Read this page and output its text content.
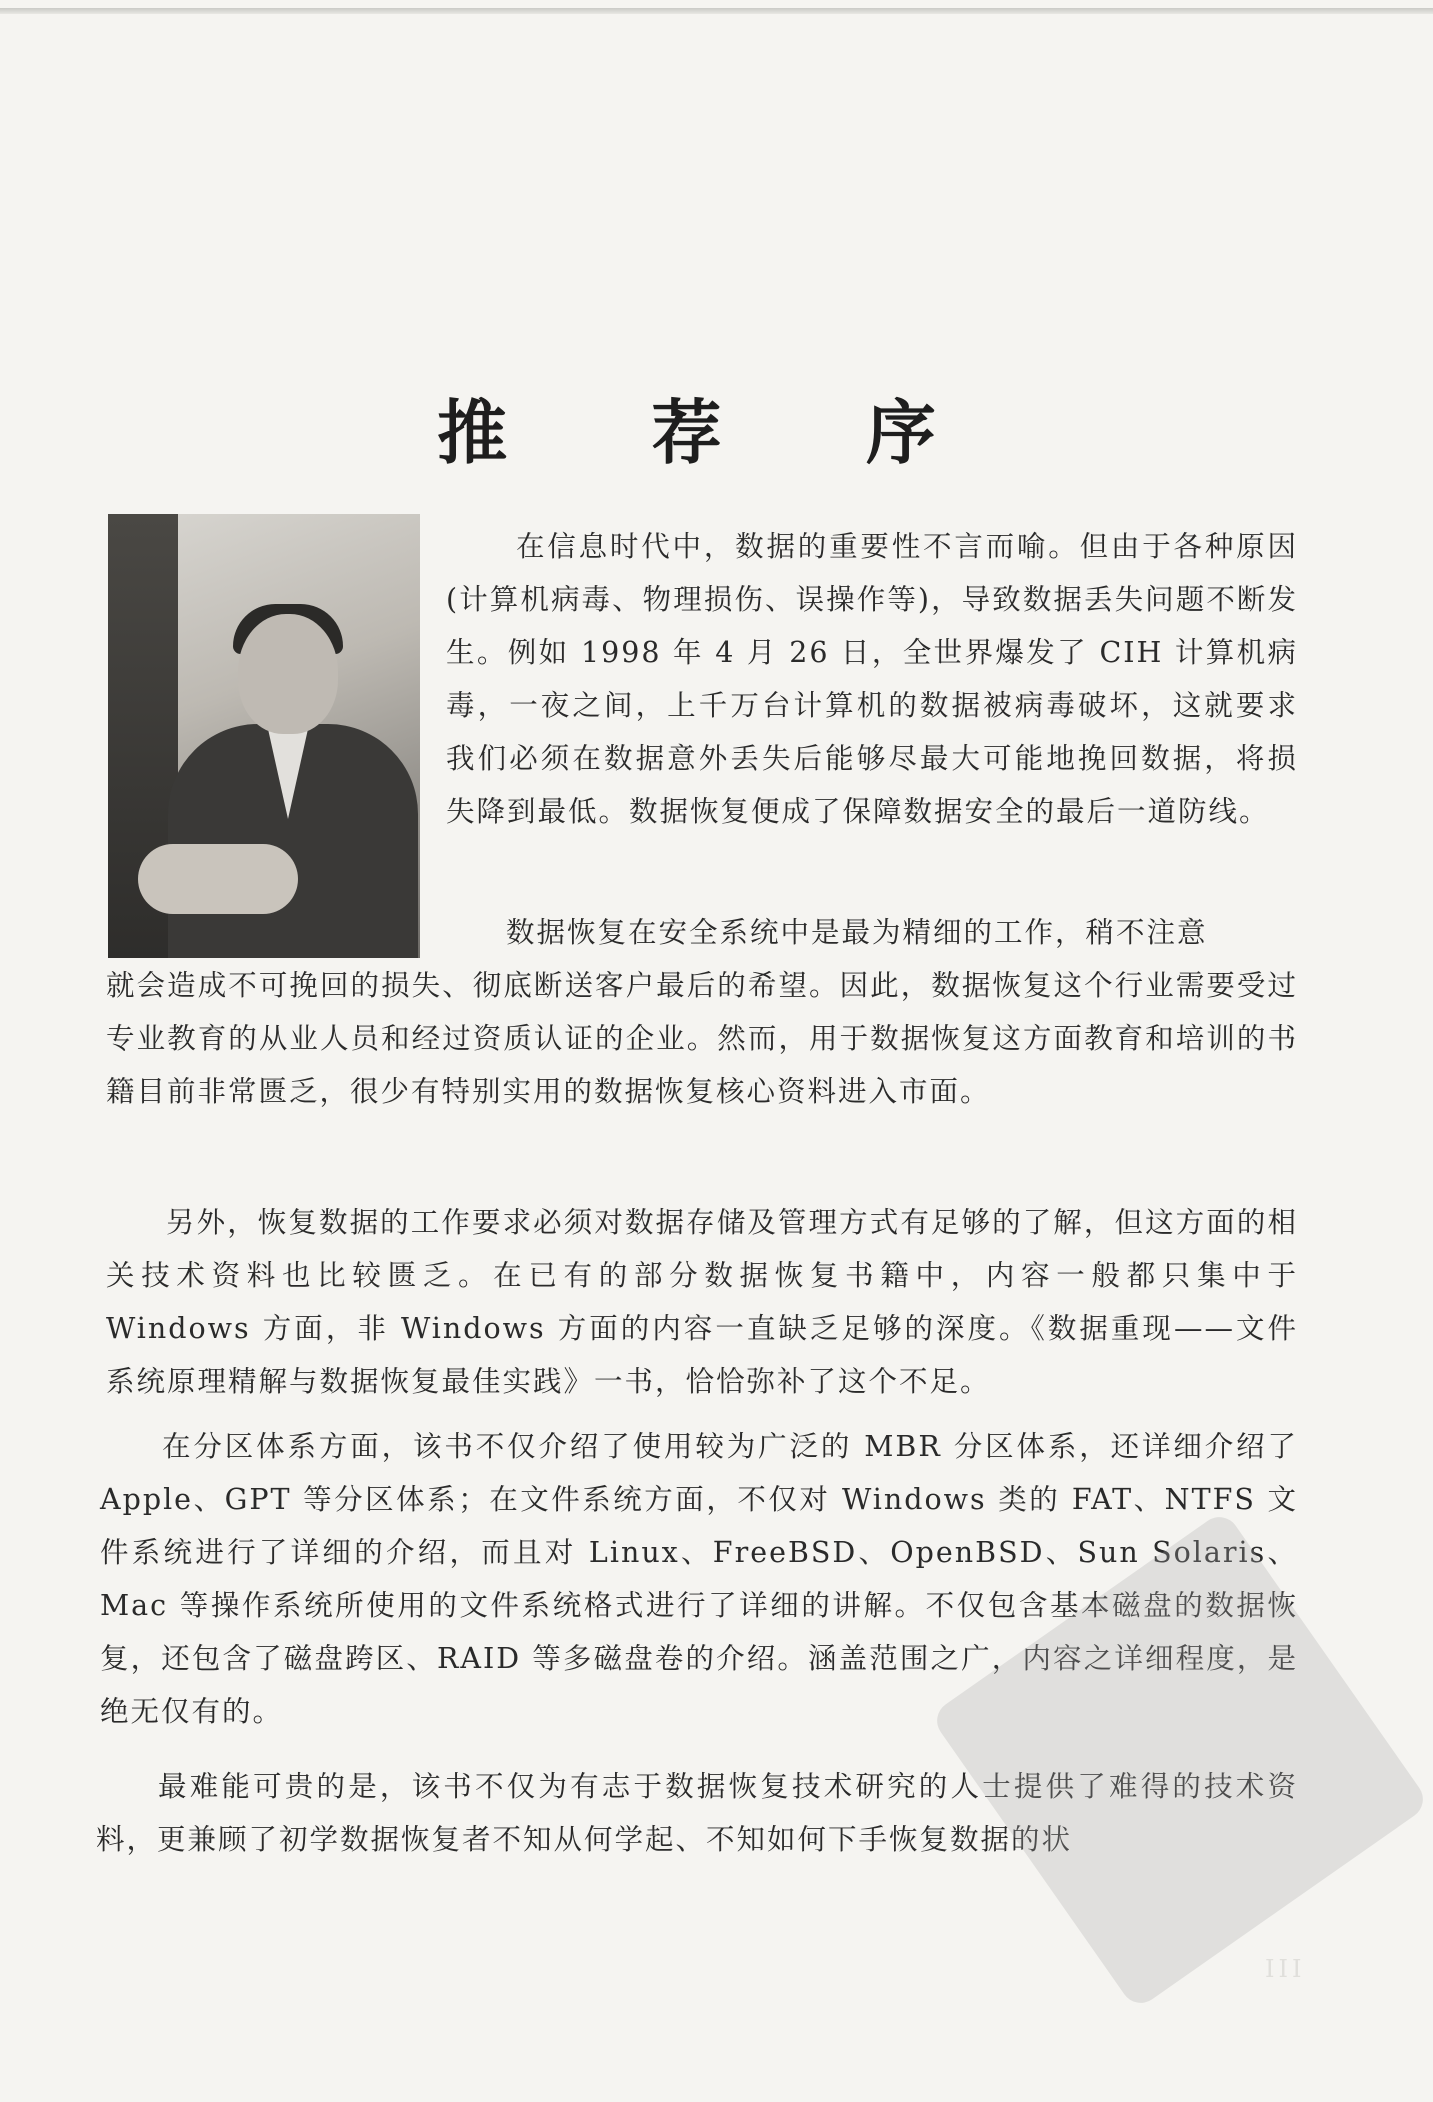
推 荐 序

在信息时代中，数据的重要性不言而喻。但由于各种原因(计算机病毒、物理损伤、误操作等)，导致数据丢失问题不断发生。例如 1998 年 4 月 26 日，全世界爆发了 CIH 计算机病毒，一夜之间，上千万台计算机的数据被病毒破坏，这就要求我们必须在数据意外丢失后能够尽最大可能地挽回数据，将损失降到最低。数据恢复便成了保障数据安全的最后一道防线。

数据恢复在安全系统中是最为精细的工作，稍不注意
就会造成不可挽回的损失、彻底断送客户最后的希望。因此，数据恢复这个行业需要受过专业教育的从业人员和经过资质认证的企业。然而，用于数据恢复这方面教育和培训的书籍目前非常匮乏，很少有特别实用的数据恢复核心资料进入市面。

另外，恢复数据的工作要求必须对数据存储及管理方式有足够的了解，但这方面的相关技术资料也比较匮乏。在已有的部分数据恢复书籍中，内容一般都只集中于 Windows 方面，非 Windows 方面的内容一直缺乏足够的深度。《数据重现——文件系统原理精解与数据恢复最佳实践》一书，恰恰弥补了这个不足。

在分区体系方面，该书不仅介绍了使用较为广泛的 MBR 分区体系，还详细介绍了 Apple、GPT 等分区体系；在文件系统方面，不仅对 Windows 类的 FAT、NTFS 文件系统进行了详细的介绍，而且对 Linux、FreeBSD、OpenBSD、Sun Solaris、Mac 等操作系统所使用的文件系统格式进行了详细的讲解。不仅包含基本磁盘的数据恢复，还包含了磁盘跨区、RAID 等多磁盘卷的介绍。涵盖范围之广，内容之详细程度，是绝无仅有的。

最难能可贵的是，该书不仅为有志于数据恢复技术研究的人士提供了难得的技术资料，更兼顾了初学数据恢复者不知从何学起、不知如何下手恢复数据的状

III
